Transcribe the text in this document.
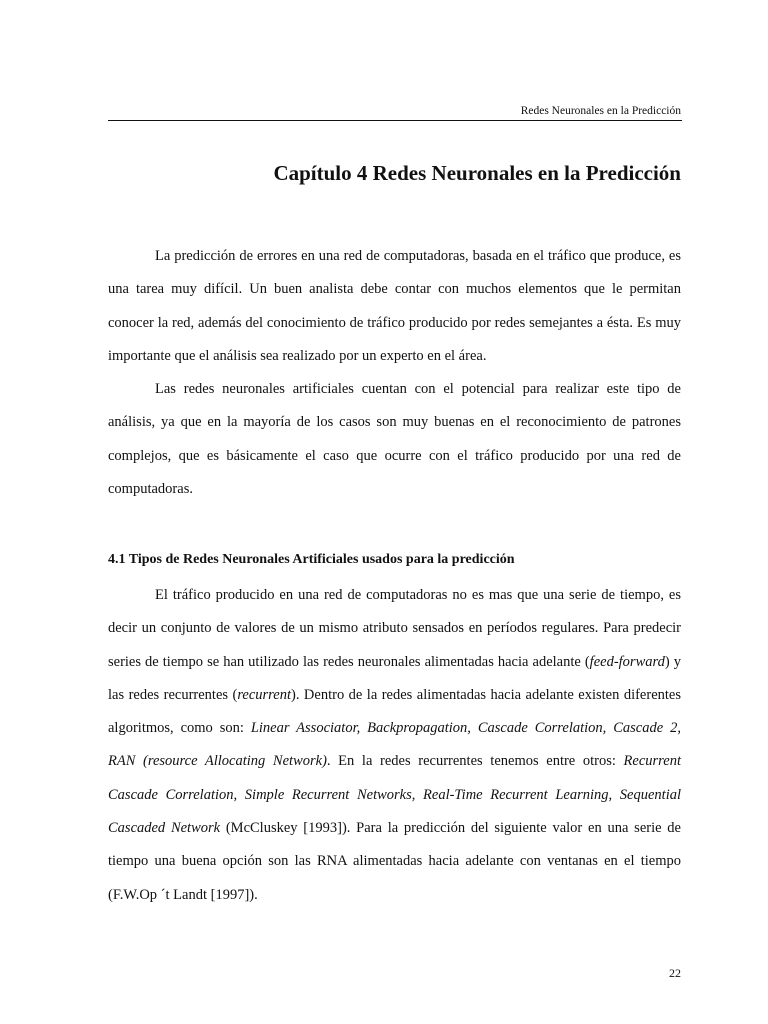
Redes Neuronales en la Predicción
Capítulo 4 Redes Neuronales en la Predicción

La predicción de errores en una red de computadoras, basada en el tráfico que produce, es una tarea muy difícil. Un buen analista debe contar con muchos elementos que le permitan conocer la red, además del conocimiento de tráfico producido por redes semejantes a ésta. Es muy importante que el análisis sea realizado por un experto en el área.

Las redes neuronales artificiales cuentan con el potencial para realizar este tipo de análisis, ya que en la mayoría de los casos son muy buenas en el reconocimiento de patrones complejos, que es básicamente el caso que ocurre con el tráfico producido por una red de computadoras.

4.1 Tipos de Redes Neuronales Artificiales usados para la predicción

El tráfico producido en una red de computadoras no es mas que una serie de tiempo, es decir un conjunto de valores de un mismo atributo sensados en períodos regulares. Para predecir series de tiempo se han utilizado las redes neuronales alimentadas hacia adelante (feed-forward) y las redes recurrentes (recurrent). Dentro de la redes alimentadas hacia adelante existen diferentes algoritmos, como son: Linear Associator, Backpropagation, Cascade Correlation, Cascade 2, RAN (resource Allocating Network). En la redes recurrentes tenemos entre otros: Recurrent Cascade Correlation, Simple Recurrent Networks, Real-Time Recurrent Learning, Sequential Cascaded Network (McCluskey [1993]). Para la predicción del siguiente valor en una serie de tiempo una buena opción son las RNA alimentadas hacia adelante con ventanas en el tiempo (F.W.Op ´t Landt [1997]).

22
